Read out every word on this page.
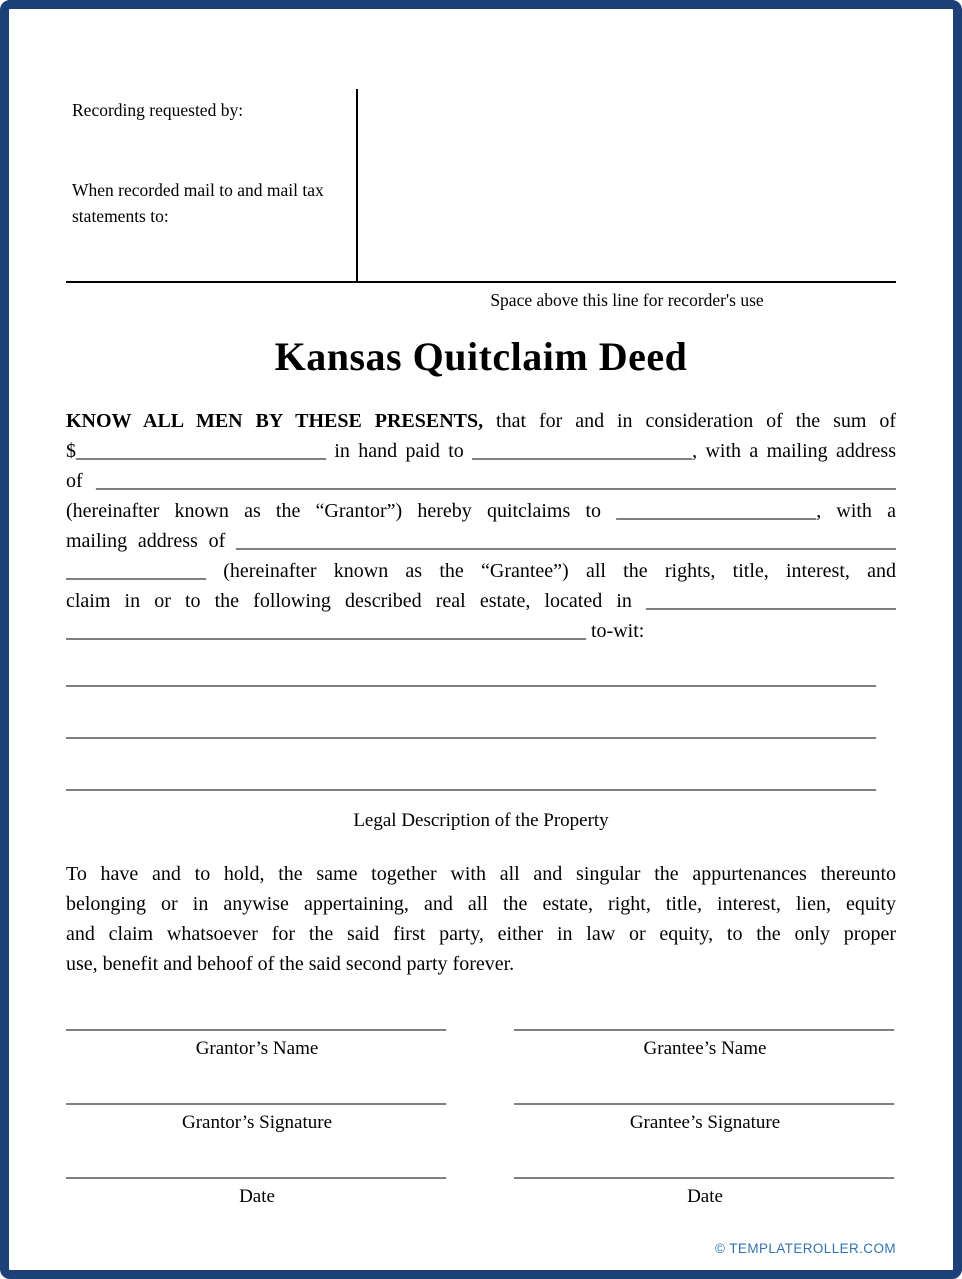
Recording requested by:
When recorded mail to and mail tax
statements to:
Space above this line for recorder's use
Kansas Quitclaim Deed
KNOW ALL MEN BY THESE PRESENTS, that for and in consideration of the sum of
$_________________________ in hand paid to ______________________, with a mailing address
of ________________________________________________________________________________
(hereinafter known as the “Grantor”) hereby quitclaims to ____________________, with a
mailing address of __________________________________________________________________
______________ (hereinafter known as the “Grantee”) all the rights, title, interest, and
claim in or to the following described real estate, located in _________________________
____________________________________________________ to-wit:
_________________________________________________________________________________
_________________________________________________________________________________
_________________________________________________________________________________
Legal Description of the Property
To have and to hold, the same together with all and singular the appurtenances thereunto
belonging or in anywise appertaining, and all the estate, right, title, interest, lien, equity
and claim whatsoever for the said first party, either in law or equity, to the only proper
use, benefit and behoof of the said second party forever.
______________________________________
Grantor’s Name
______________________________________
Grantor’s Signature
______________________________________
Date
______________________________________
Grantee’s Name
______________________________________
Grantee’s Signature
______________________________________
Date
© TEMPLATEROLLER.COM
